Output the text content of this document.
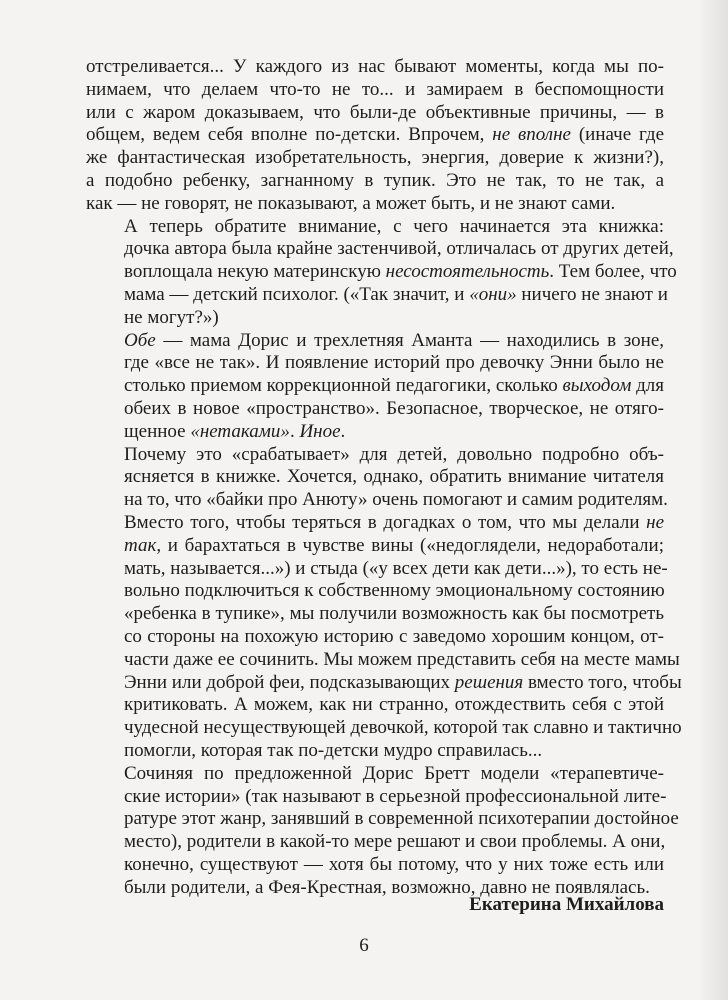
отстреливается... У каждого из нас бывают моменты, когда мы по-
нимаем, что делаем что-то не то... и замираем в беспомощности
или с жаром доказываем, что были-де объективные причины, — в
общем, ведем себя вполне по-детски. Впрочем, не вполне (иначе где
же фантастическая изобретательность, энергия, доверие к жизни?),
а подобно ребенку, загнанному в тупик. Это не так, то не так, а
как — не говорят, не показывают, а может быть, и не знают сами.
А теперь обратите внимание, с чего начинается эта книжка:
дочка автора была крайне застенчивой, отличалась от других детей,
воплощала некую материнскую несостоятельность. Тем более, что
мама — детский психолог. («Так значит, и «они» ничего не знают и
не могут?»)
Обе — мама Дорис и трехлетняя Аманта — находились в зоне,
где «все не так». И появление историй про девочку Энни было не
столько приемом коррекционной педагогики, сколько выходом для
обеих в новое «пространство». Безопасное, творческое, не отяго-
щенное «нетаками». Иное.
Почему это «срабатывает» для детей, довольно подробно объ-
ясняется в книжке. Хочется, однако, обратить внимание читателя
на то, что «байки про Анюту» очень помогают и самим родителям.
Вместо того, чтобы теряться в догадках о том, что мы делали не
так, и барахтаться в чувстве вины («недоглядели, недоработали;
мать, называется...») и стыда («у всех дети как дети...»), то есть не-
вольно подключиться к собственному эмоциональному состоянию
«ребенка в тупике», мы получили возможность как бы посмотреть
со стороны на похожую историю с заведомо хорошим концом, от-
части даже ее сочинить. Мы можем представить себя на месте мамы
Энни или доброй феи, подсказывающих решения вместо того, чтобы
критиковать. А можем, как ни странно, отождествить себя с этой
чудесной несуществующей девочкой, которой так славно и тактично
помогли, которая так по-детски мудро справилась...
Сочиняя по предложенной Дорис Бретт модели «терапевтиче-
ские истории» (так называют в серьезной профессиональной лите-
ратуре этот жанр, занявший в современной психотерапии достойное
место), родители в какой-то мере решают и свои проблемы. А они,
конечно, существуют — хотя бы потому, что у них тоже есть или
были родители, а Фея-Крестная, возможно, давно не появлялась.
Екатерина Михайлова
6
